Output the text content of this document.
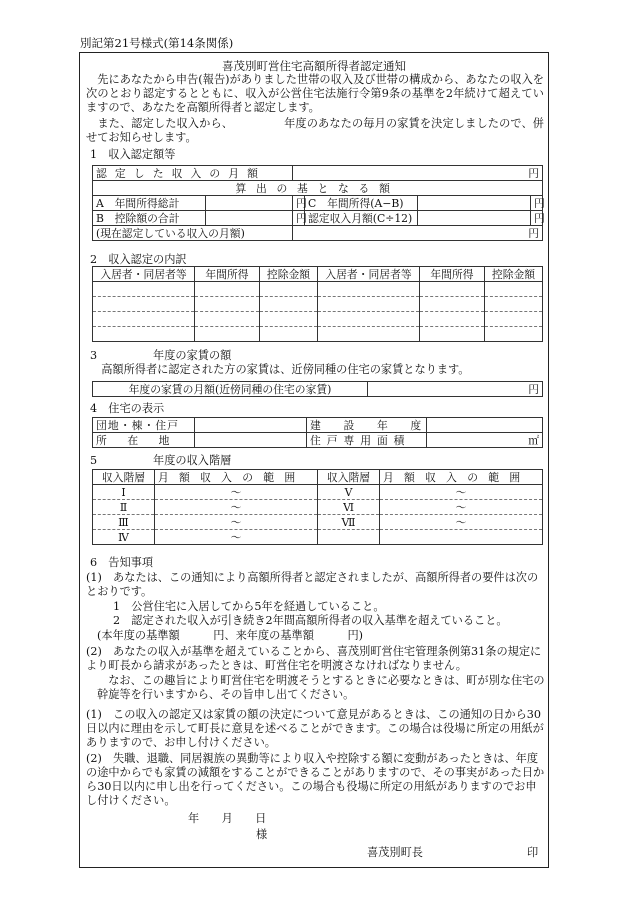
別記第21号様式(第14条関係)
喜茂別町営住宅高額所得者認定通知
　先にあなたから申告(報告)がありました世帯の収入及び世帯の構成から、あなたの収入を次のとおり認定するとともに、収入が公営住宅法施行令第9条の基準を2年続けて超えていますので、あなたを高額所得者と認定します。
　また、認定した収入から、　　　　　年度のあなたの毎月の家賃を決定しましたので、併せてお知らせします。
1　収入認定額等
認定した収入の月額		円			
算出の基となる額					
A　年間所得総計		円	C　年間所得(A−B)		円
B　控除額の合計		円	認定収入月額(C÷12)		円
(現在認定している収入の月額)		円			
2　収入認定の内訳
入居者・同居者等	年間所得	控除金額	入居者・同居者等	年間所得	控除金額

3　　　　　年度の家賃の額
　高額所得者に認定された方の家賃は、近傍同種の住宅の家賃となります。
年度の家賃の月額(近傍同種の住宅の家賃)	円
4　住宅の表示
団地・棟・住戸		建設年度	
所在地		住戸専用面積	㎡
5　　　　　年度の収入階層
収入階層	月額収入の範囲	収入階層	月額収入の範囲
Ⅰ	〜	Ⅴ	〜
Ⅱ	〜	Ⅵ	〜
Ⅲ	〜	Ⅶ	〜
Ⅳ	〜		
6　告知事項
(1)　あなたは、この通知により高額所得者と認定されましたが、高額所得者の要件は次のとおりです。
1　公営住宅に入居してから5年を経過していること。
2　認定された収入が引き続き2年間高額所得者の収入基準を超えていること。
(本年度の基準額　　　円、来年度の基準額　　　円)
(2)　あなたの収入が基準を超えていることから、喜茂別町営住宅管理条例第31条の規定により町長から請求があったときは、町営住宅を明渡さなければなりません。
　なお、この趣旨により町営住宅を明渡そうとするときに必要なときは、町が別な住宅の幹旋等を行いますから、その旨申し出てください。
(1)　この収入の認定又は家賃の額の決定について意見があるときは、この通知の日から30日以内に理由を示して町長に意見を述べることができます。この場合は役場に所定の用紙がありますので、お申し付けください。
(2)　失職、退職、同居親族の異動等により収入や控除する額に変動があったときは、年度の途中からでも家賃の減額をすることができることがありますので、その事実があった日から30日以内に申し出を行ってください。この場合も役場に所定の用紙がありますのでお申し付けください。
年　　月　　日
様
喜茂別町長	印
